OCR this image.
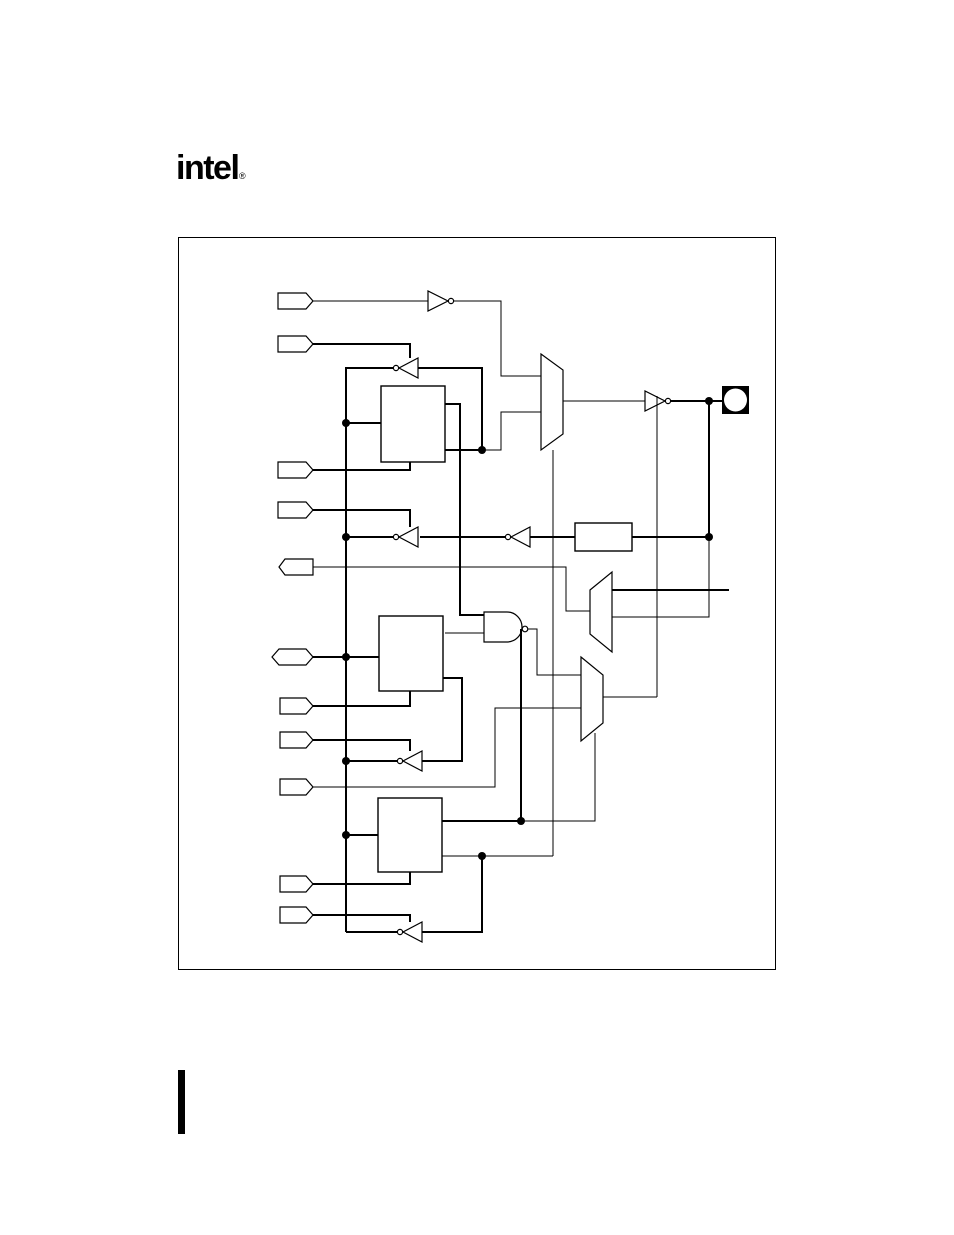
intel ®
